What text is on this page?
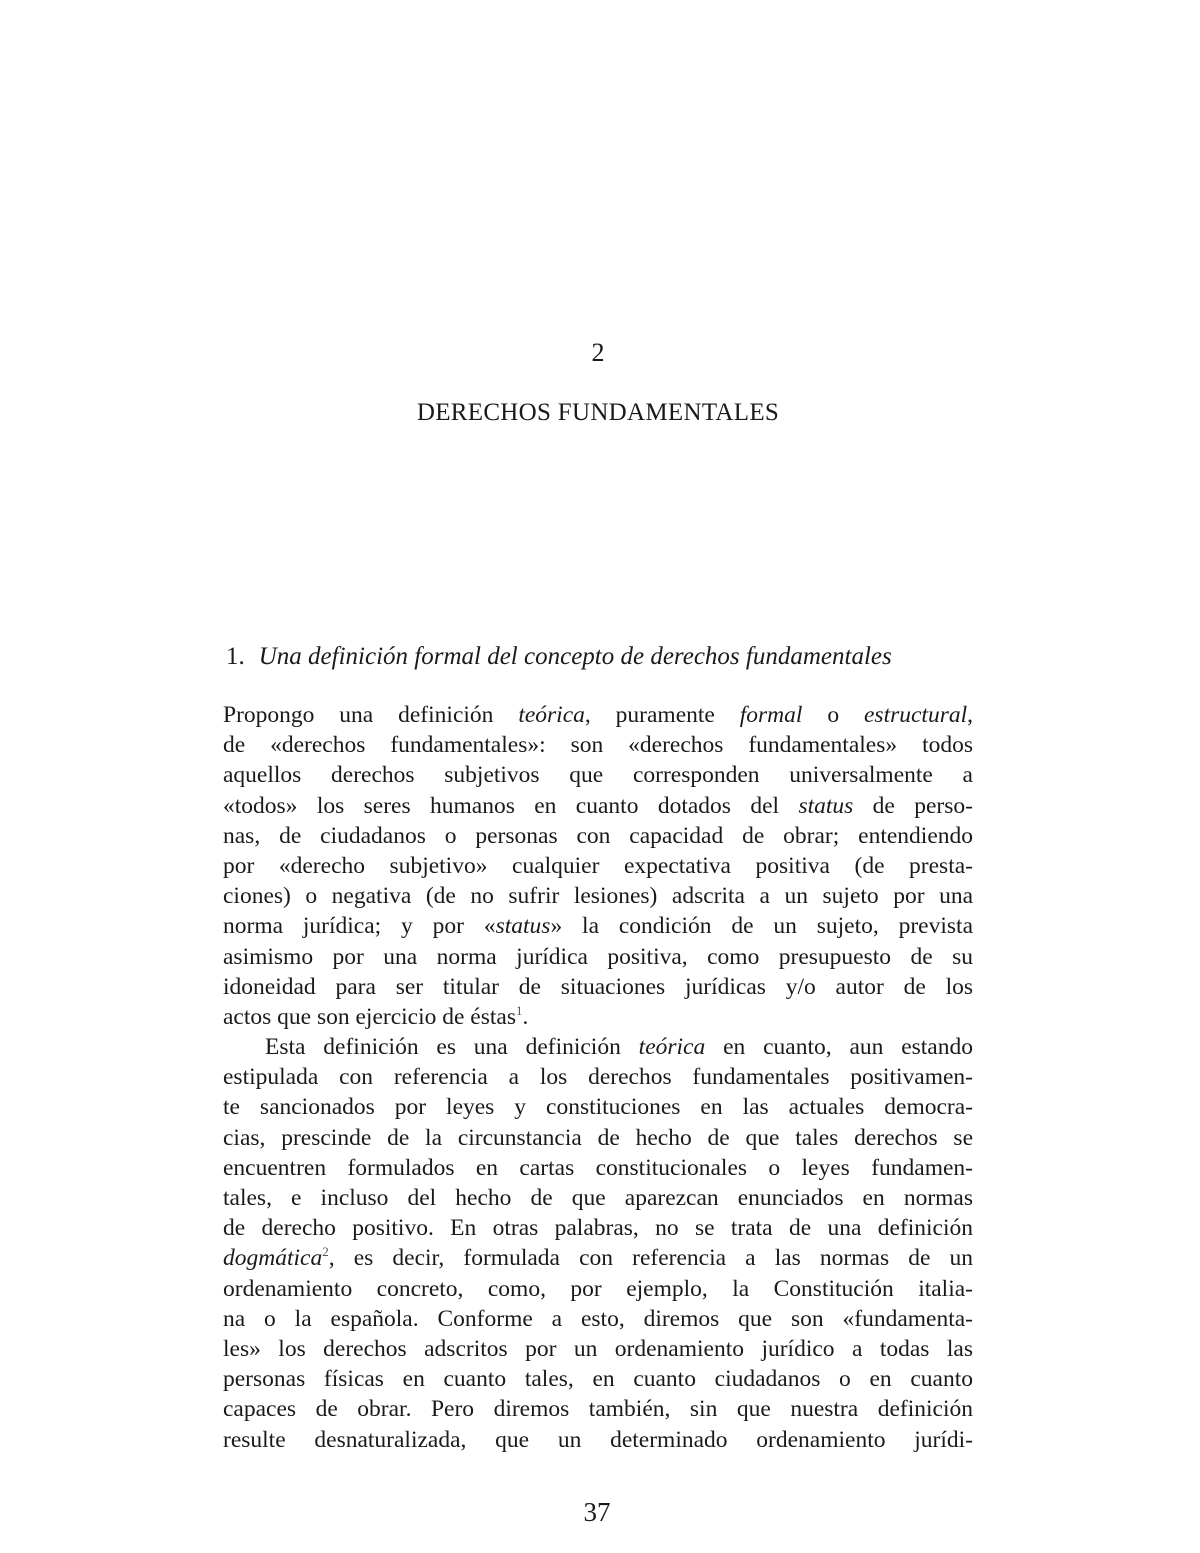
2
DERECHOS FUNDAMENTALES
1. Una definición formal del concepto de derechos fundamentales
Propongo una definición teórica, puramente formal o estructural,
de «derechos fundamentales»: son «derechos fundamentales» todos
aquellos derechos subjetivos que corresponden universalmente a
«todos» los seres humanos en cuanto dotados del status de perso-
nas, de ciudadanos o personas con capacidad de obrar; entendiendo
por «derecho subjetivo» cualquier expectativa positiva (de presta-
ciones) o negativa (de no sufrir lesiones) adscrita a un sujeto por una
norma jurídica; y por «status» la condición de un sujeto, prevista
asimismo por una norma jurídica positiva, como presupuesto de su
idoneidad para ser titular de situaciones jurídicas y/o autor de los
actos que son ejercicio de éstas$^1$.
Esta definición es una definición teórica en cuanto, aun estando
estipulada con referencia a los derechos fundamentales positivamen-
te sancionados por leyes y constituciones en las actuales democra-
cias, prescinde de la circunstancia de hecho de que tales derechos se
encuentren formulados en cartas constitucionales o leyes fundamen-
tales, e incluso del hecho de que aparezcan enunciados en normas
de derecho positivo. En otras palabras, no se trata de una definición
dogmática$^2$, es decir, formulada con referencia a las normas de un
ordenamiento concreto, como, por ejemplo, la Constitución italia-
na o la española. Conforme a esto, diremos que son «fundamenta-
les» los derechos adscritos por un ordenamiento jurídico a todas las
personas físicas en cuanto tales, en cuanto ciudadanos o en cuanto
capaces de obrar. Pero diremos también, sin que nuestra definición
resulte desnaturalizada, que un determinado ordenamiento jurídi-
37
